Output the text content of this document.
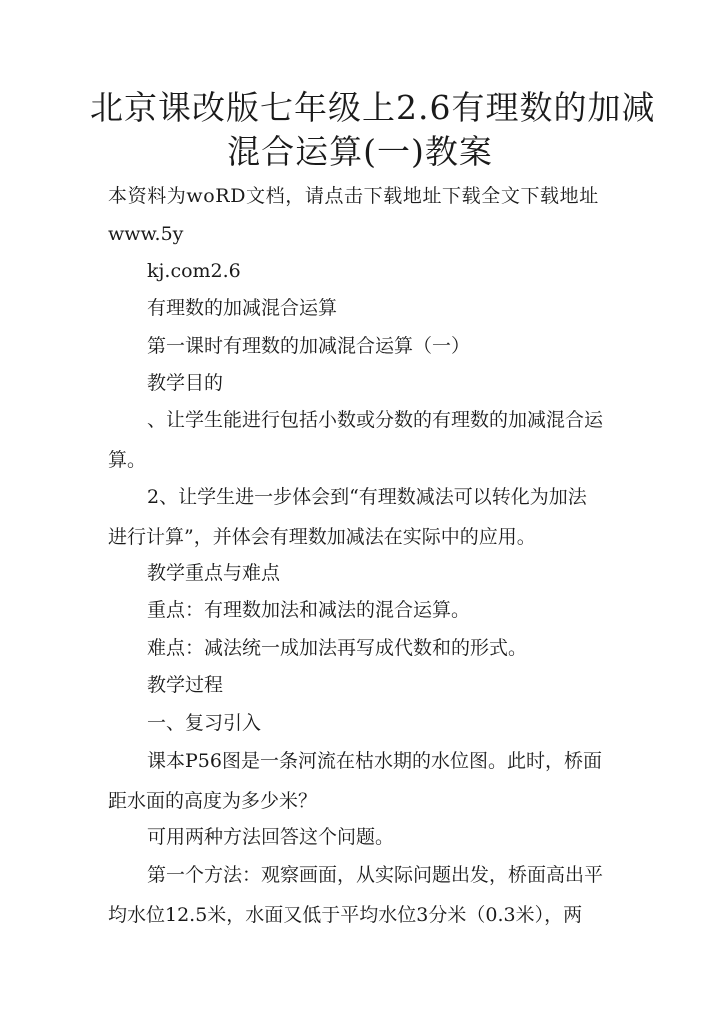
北京课改版七年级上2.6有理数的加减
混合运算(一)教案

本资料为woRD文档，请点击下载地址下载全文下载地址

www.5y

kj.com2.6

有理数的加减混合运算

第一课时有理数的加减混合运算（一）

教学目的

、让学生能进行包括小数或分数的有理数的加减混合运
算。
2、让学生进一步体会到“有理数减法可以转化为加法
进行计算”，并体会有理数加减法在实际中的应用。

教学重点与难点

重点：有理数加法和减法的混合运算。

难点：减法统一成加法再写成代数和的形式。

教学过程

一、复习引入

课本P56图是一条河流在枯水期的水位图。此时，桥面
距水面的高度为多少米？

可用两种方法回答这个问题。

第一个方法：观察画面，从实际问题出发，桥面高出平
均水位12.5米，水面又低于平均水位3分米（0.3米），两
